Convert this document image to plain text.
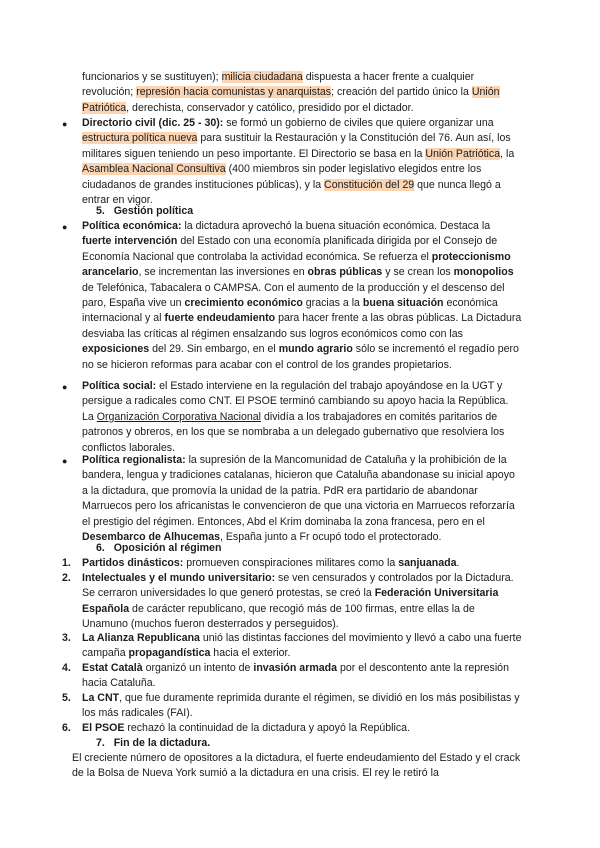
funcionarios y se sustituyen); milicia ciudadana dispuesta a hacer frente a cualquier revolución; represión hacia comunistas y anarquistas; creación del partido único la Unión Patriótica, derechista, conservador y católico, presidido por el dictador.

● Directorio civil (dic. 25 - 30): se formó un gobierno de civiles que quiere organizar una estructura política nueva para sustituir la Restauración y la Constitución del 76. Aun así, los militares siguen teniendo un peso importante. El Directorio se basa en la Unión Patriótica, la Asamblea Nacional Consultiva (400 miembros sin poder legislativo elegidos entre los ciudadanos de grandes instituciones públicas), y la Constitución del 29 que nunca llegó a entrar en vigor.

5. Gestión política

● Política económica: la dictadura aprovechó la buena situación económica. Destaca la fuerte intervención del Estado con una economía planificada dirigida por el Consejo de Economía Nacional que controlaba la actividad económica. Se refuerza el proteccionismo arancelario, se incrementan las inversiones en obras públicas y se crean los monopolios de Telefónica, Tabacalera o CAMPSA. Con el aumento de la producción y el descenso del paro, España vive un crecimiento económico gracias a la buena situación económica internacional y al fuerte endeudamiento para hacer frente a las obras públicas. La Dictadura desviaba las críticas al régimen ensalzando sus logros económicos como con las exposiciones del 29. Sin embargo, en el mundo agrario sólo se incrementó el regadío pero no se hicieron reformas para acabar con el control de los grandes propietarios.

● Política social: el Estado interviene en la regulación del trabajo apoyándose en la UGT y persigue a radicales como CNT. El PSOE terminó cambiando su apoyo hacia la República. La Organización Corporativa Nacional dividía a los trabajadores en comités paritarios de patronos y obreros, en los que se nombraba a un delegado gubernativo que resolviera los conflictos laborales.

● Política regionalista: la supresión de la Mancomunidad de Cataluña y la prohibición de la bandera, lengua y tradiciones catalanas, hicieron que Cataluña abandonase su inicial apoyo a la dictadura, que promovía la unidad de la patria. PdR era partidario de abandonar Marruecos pero los africanistas le convencieron de que una victoria en Marruecos reforzaría el prestigio del régimen. Entonces, Abd el Krim dominaba la zona francesa, pero en el Desembarco de Alhucemas, España junto a Fr ocupó todo el protectorado.

6. Oposición al régimen

1. Partidos dinásticos: promueven conspiraciones militares como la sanjuanada.

2. Intelectuales y el mundo universitario: se ven censurados y controlados por la Dictadura. Se cerraron universidades lo que generó protestas, se creó la Federación Universitaria Española de carácter republicano, que recogió más de 100 firmas, entre ellas la de Unamuno (muchos fueron desterrados y perseguidos).

3. La Alianza Republicana unió las distintas facciones del movimiento y llevó a cabo una fuerte campaña propagandística hacia el exterior.

4. Estat Català organizó un intento de invasión armada por el descontento ante la represión hacia Cataluña.

5. La CNT, que fue duramente reprimida durante el régimen, se dividió en los más posibilistas y los más radicales (FAI).

6. El PSOE rechazó la continuidad de la dictadura y apoyó la República.

7. Fin de la dictadura.

El creciente número de opositores a la dictadura, el fuerte endeudamiento del Estado y el crack de la Bolsa de Nueva York sumió a la dictadura en una crisis. El rey le retiró la
